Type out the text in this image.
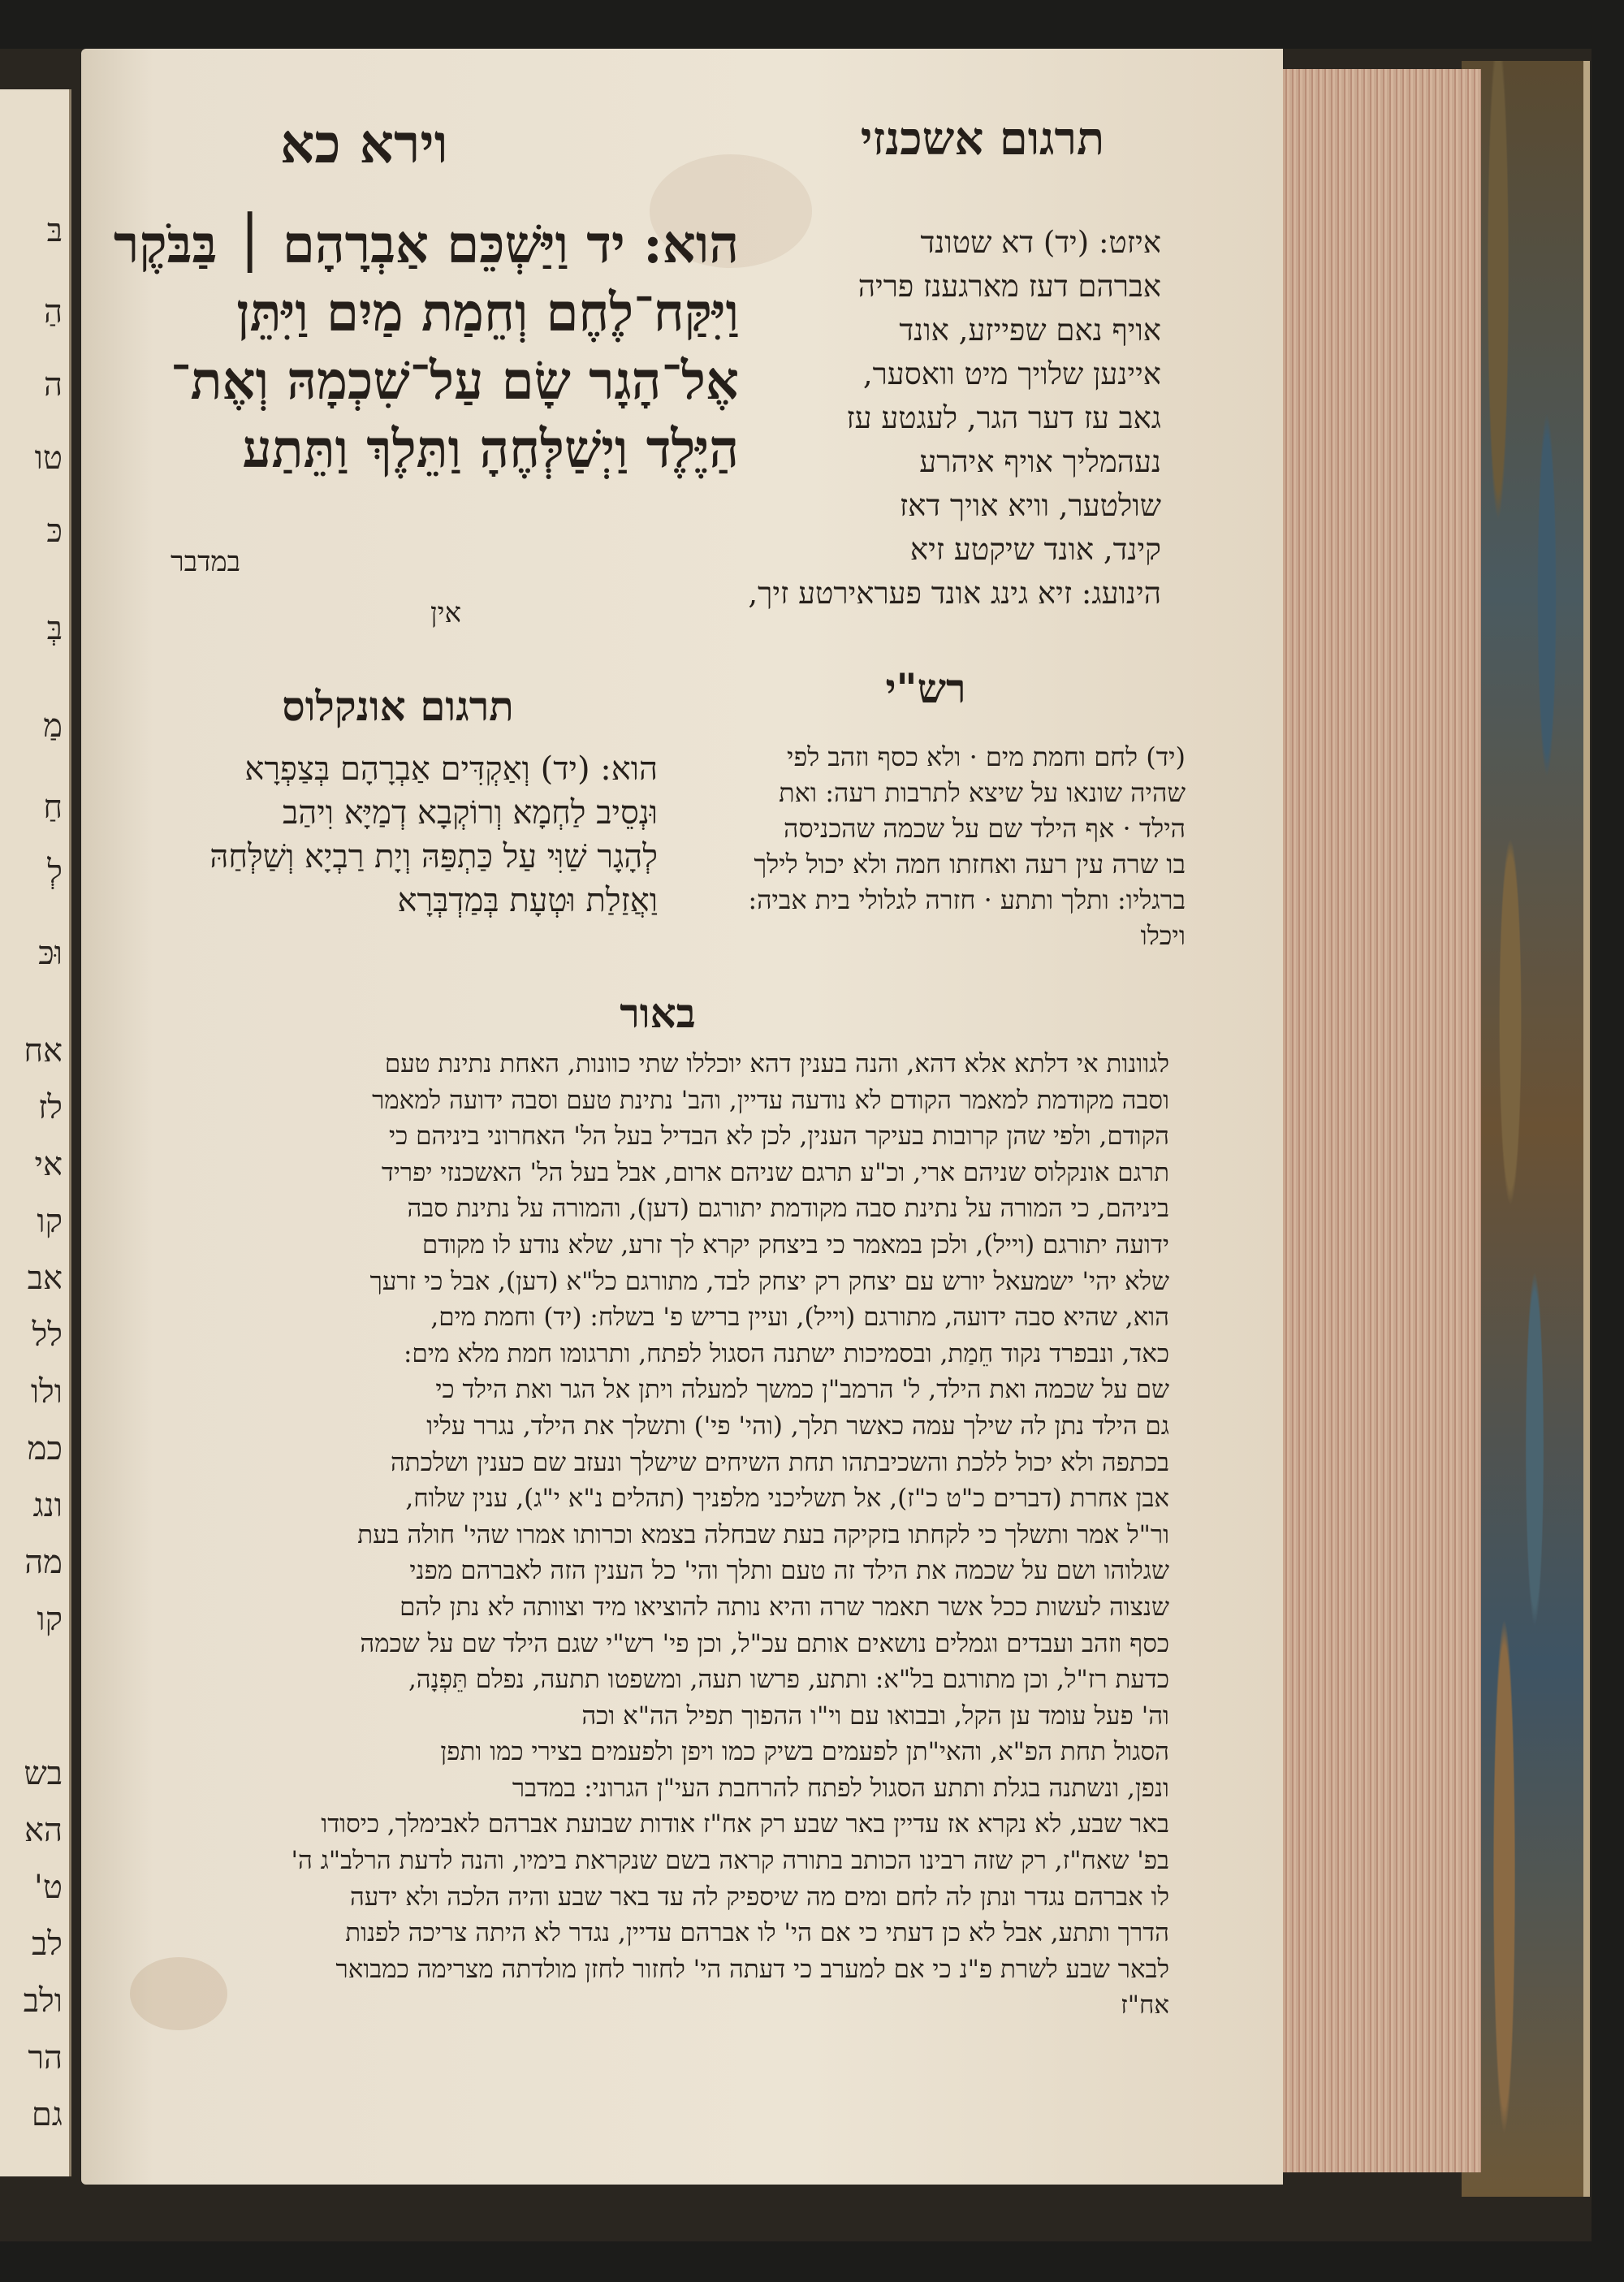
בּ
הַ
ה
טו
כּ
בְּ
מַ
חַ
לְ
וּכּ
אח
לז
אי
קו
אב
לל
ולו
כמ
ונג
מה
קו
בש
הא
ט'
לב
ולב
הר
גם
וירא כא	תרגום אשכנזי
הוא: יד וַיַּשְׁכֵּם אַבְרָהָם ׀ בַּבֹּקֶר
וַיִּקַּח־לֶחֶם וְחֵמַת מַיִם וַיִּתֵּן
אֶל־הָגָר שָׂם עַל־שִׁכְמָהּ וְאֶת־
הַיֶּלֶד וַיְשַׁלְּחֶהָ וַתֵּלֶךְ וַתֵּתַע
במדבר
אין
איזט: (יד) דא שטונד
אברהם דעז מארגענז פריה
אויף נאם שפייזע, אונד
איינען שלויך מיט וואסער,
גאב עז דער הגר, לעגטע עז
נעהמליך אויף איהרע
שולטער, וויא אויך דאז
קינד, אונד שיקטע זיא
הינועג: זיא גינג אונד פעראירטע זיך,
תרגום אונקלוס	רש"י
הוא: (יד) וְאַקְדִּים אַבְרָהָם בְּצַפְרָא
וּנְסֵיב לַחְמָא וְרוֹקְבָא דְמַיָּא וִיהַב
לְהָגָר שַׁוִּי עַל כַּתְפַּהּ וְיָת רַבְיָא וְשַׁלְּחַהּ
וַאֲזַלַת וּטְעָת בְּמַדְבְּרָא
(יד) לחם וחמת מים · ולא כסף וזהב לפי
שהיה שונאו על שיצא לתרבות רעה: ואת
הילד · אף הילד שם על שכמה שהכניסה
בו שרה עין רעה ואחזתו חמה ולא יכול לילך
ברגליו: ותלך ותתע · חזרה לגלולי בית אביה:
ויכלו
באור
לגוונות אי דלתא אלא דהא, והנה בענין דהא יוכללו שתי כוונות, האחת נתינת טעם
וסבה מקודמת למאמר הקודם לא נודעה עדיין, והב' נתינת טעם וסבה ידועה למאמר
הקודם, ולפי שהן קרובות בעיקר הענין, לכן לא הבדיל בעל הל' האחרוני ביניהם כי
תרגם אונקלוס שניהם ארי, וכ"ע תרגם שניהם ארום, אבל בעל הל' האשכנזי יפריד
ביניהם, כי המורה על נתינת סבה מקודמת יתורגם (דען), והמורה על נתינת סבה
ידועה יתורגם (וייל), ולכן במאמר כי ביצחק יקרא לך זרע, שלא נודע לו מקודם
שלא יהי' ישמעאל יורש עם יצחק רק יצחק לבד, מתורגם כל"א (דען), אבל כי זרעך
הוא, שהיא סבה ידועה, מתורגם (וייל), ועיין בריש פ' בשלח: (יד) וחמת מים,
כאד, ונבפרד נקוד חֵמַת, ובסמיכות ישתנה הסגול לפתח, ותרגומו חמת מלא מים:
שם על שכמה ואת הילד, ל' הרמב"ן כמשך למעלה ויתן אל הגר ואת הילד כי
גם הילד נתן לה שילך עמה כאשר תלך, (והי' פי') ותשלך את הילד, נגרר עליו
בכתפה ולא יכול ללכת והשכיבתהו תחת השיחים שישלך ונעזב שם כענין ושלכתה
אבן אחרת (דברים כ"ט כ"ז), אל תשליכני מלפניך (תהלים נ"א י"ג), ענין שלוח,
ור"ל אמר ותשלך כי לקחתו בזקיקה בעת שבחלה בצמא וכרותו אמרו שהי' חולה בעת
שגלוהו ושם על שכמה את הילד זה טעם ותלך והי' כל הענין הזה לאברהם מפני
שנצוה לעשות ככל אשר תאמר שרה והיא נותה להוציאו מיד וצוותה לא נתן להם
כסף וזהב ועבדים וגמלים נושאים אותם עכ"ל, וכן פי' רש"י שגם הילד שם על שכמה
כדעת רז"ל, וכן מתורגם בל"א: ותתע, פרשו תעה, ומשפטו תתעה, נפלם תֵּפְנָה,
וה' פעל עומד ען הקל, ובבואו עם וי"ו ההפוך תפיל הה"א וכה
הסגול תחת הפ"א, והאי"תן לפעמים בשיק כמו ויפן ולפעמים בצירי כמו ותפן
ונפן, ונשתנה בגלת ותתע הסגול לפתח להרחבת העי"ן הגרוני: במדבר
באר שבע, לא נקרא אז עדיין באר שבע רק אח"ז אודות שבועת אברהם לאבימלך, כיסודו
בפ' שאח"ז, רק שזה רבינו הכותב בתורה קראה בשם שנקראת בימיו, והנה לדעת הרלב"ג ה'
לו אברהם נגדר ונתן לה לחם ומים מה שיספיק לה עד באר שבע והיה הלכה ולא ידעה
הדרך ותתע, אבל לא כן דעתי כי אם הי' לו אברהם עדיין, נגדר לא היתה צריכה לפנות
לבאר שבע לשרת פ"נ כי אם למערב כי דעתה הי' לחזור לחזן מולדתה מצרימה כמבואר
אח"ז
